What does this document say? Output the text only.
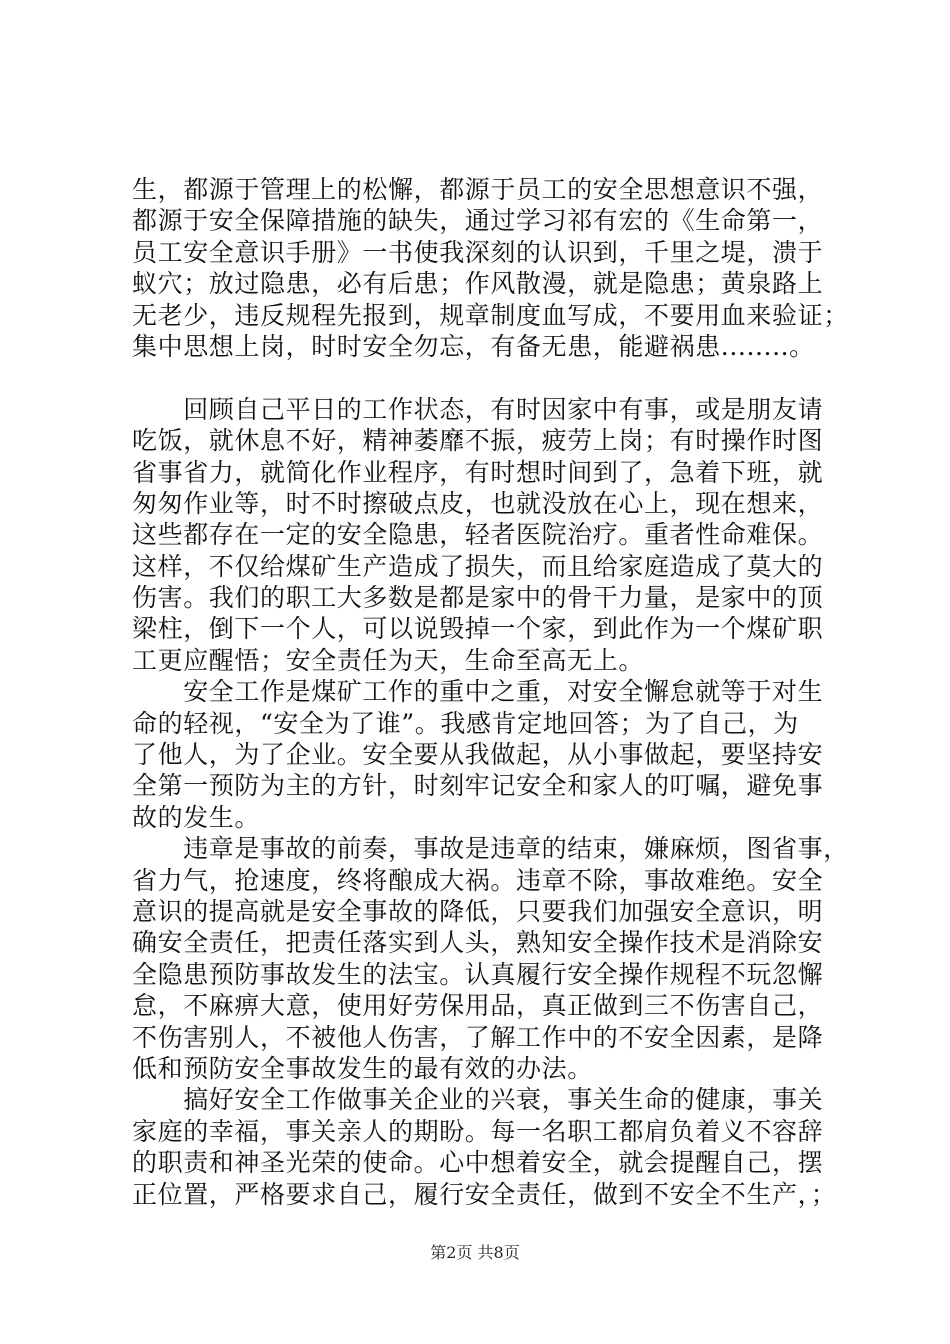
生，都源于管理上的松懈，都源于员工的安全思想意识不强，
都源于安全保障措施的缺失，通过学习祁有宏的《生命第一，
员工安全意识手册》一书使我深刻的认识到，千里之堤，溃于
蚁穴；放过隐患，必有后患；作风散漫，就是隐患；黄泉路上
无老少，违反规程先报到，规章制度血写成，不要用血来验证；
集中思想上岗，时时安全勿忘，有备无患，能避祸患........。
　　回顾自己平日的工作状态，有时因家中有事，或是朋友请
吃饭，就休息不好，精神萎靡不振，疲劳上岗；有时操作时图
省事省力，就简化作业程序，有时想时间到了，急着下班，就
匆匆作业等，时不时擦破点皮，也就没放在心上，现在想来，
这些都存在一定的安全隐患，轻者医院治疗。重者性命难保。
这样，不仅给煤矿生产造成了损失，而且给家庭造成了莫大的
伤害。我们的职工大多数是都是家中的骨干力量，是家中的顶
梁柱，倒下一个人，可以说毁掉一个家，到此作为一个煤矿职
工更应醒悟；安全责任为天，生命至高无上。
　　安全工作是煤矿工作的重中之重，对安全懈怠就等于对生
命的轻视，“安全为了谁”。我感肯定地回答；为了自己，为
了他人，为了企业。安全要从我做起，从小事做起，要坚持安
全第一预防为主的方针，时刻牢记安全和家人的叮嘱，避免事
故的发生。
　　违章是事故的前奏，事故是违章的结束，嫌麻烦，图省事，
省力气，抢速度，终将酿成大祸。违章不除，事故难绝。安全
意识的提高就是安全事故的降低，只要我们加强安全意识，明
确安全责任，把责任落实到人头，熟知安全操作技术是消除安
全隐患预防事故发生的法宝。认真履行安全操作规程不玩忽懈
怠，不麻痹大意，使用好劳保用品，真正做到三不伤害自己，
不伤害别人，不被他人伤害，了解工作中的不安全因素，是降
低和预防安全事故发生的最有效的办法。
　　搞好安全工作做事关企业的兴衰，事关生命的健康，事关
家庭的幸福，事关亲人的期盼。每一名职工都肩负着义不容辞
的职责和神圣光荣的使命。心中想着安全，就会提醒自己，摆
正位置，严格要求自己，履行安全责任，做到不安全不生产，；
第2页 共8页
